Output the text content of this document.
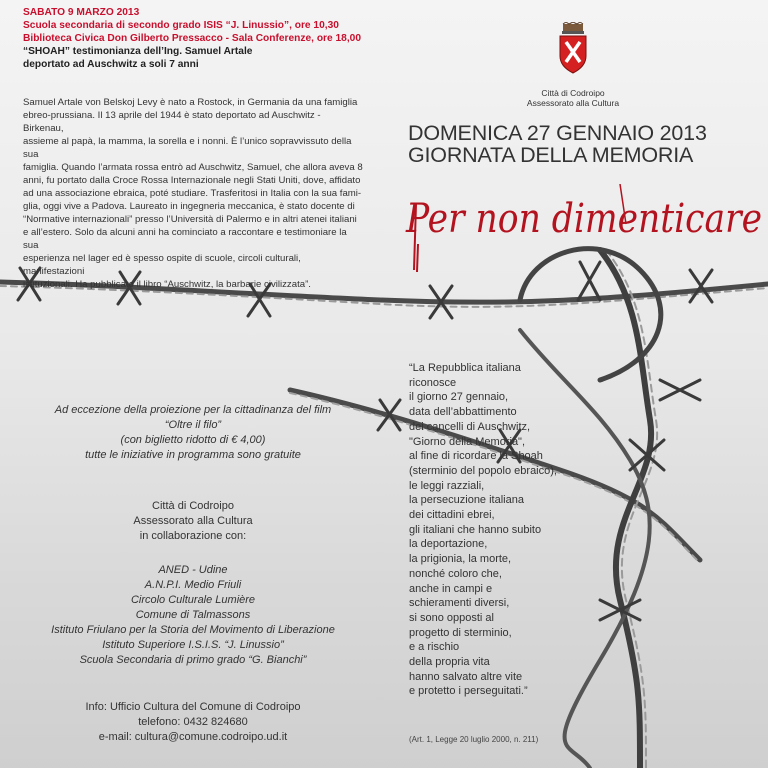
SABATO 9 MARZO 2013
Scuola secondaria di secondo grado ISIS “J. Linussio”, ore 10,30
Biblioteca Civica Don Gilberto Pressacco - Sala Conferenze, ore 18,00
“SHOAH” testimonianza dell’Ing. Samuel Artale
deportato ad Auschwitz a soli 7 anni
Samuel Artale von Belskoj Levy è nato a Rostock, in Germania da una famiglia
ebreo-prussiana. Il 13 aprile del 1944 è stato deportato ad Auschwitz - Birkenau,
assieme al papà, la mamma, la sorella e i nonni. È l’unico sopravvissuto della sua
famiglia. Quando l’armata rossa entrò ad Auschwitz, Samuel, che allora aveva 8
anni, fu portato dalla Croce Rossa Internazionale negli Stati Uniti, dove, affidato
ad una associazione ebraica, poté studiare. Trasferitosi in Italia con la sua fami-
glia, oggi vive a Padova. Laureato in ingegneria meccanica, è stato docente di
“Normative internazionali” presso l’Università di Palermo e in altri atenei italiani
e all’estero. Solo da alcuni anni ha cominciato a raccontare e testimoniare la sua
esperienza nel lager ed è spesso ospite di scuole, circoli culturali, manifestazioni
istituzionali. Ha pubblicato il libro “Auschwitz, la barbarie civilizzata”.
Ad eccezione della proiezione per la cittadinanza del film
“Oltre il filo”
(con biglietto ridotto di € 4,00)
tutte le iniziative in programma sono gratuite
Città di Codroipo
Assessorato alla Cultura
in collaborazione con:
ANED - Udine
A.N.P.I. Medio Friuli
Circolo Culturale Lumière
Comune di Talmassons
Istituto Friulano per la Storia del Movimento di Liberazione
Istituto Superiore I.S.I.S. “J. Linussio”
Scuola Secondaria di primo grado “G. Bianchi”
Info: Ufficio Cultura del Comune di Codroipo
telefono: 0432 824680
e-mail: cultura@comune.codroipo.ud.it
Città di Codroipo
Assessorato alla Cultura
DOMENICA 27 GENNAIO 2013
GIORNATA DELLA MEMORIA
Per non dimenticare
“La Repubblica italiana
riconosce
il giorno 27 gennaio,
data dell’abbattimento
dei cancelli di Auschwitz,
"Giorno della Memoria",
al fine di ricordare la Shoah
(sterminio del popolo ebraico),
le leggi razziali,
la persecuzione italiana
dei cittadini ebrei,
gli italiani che hanno subito
la deportazione,
la prigionia, la morte,
nonché coloro che,
anche in campi e
schieramenti diversi,
si sono opposti al
progetto di sterminio,
e a rischio
della propria vita
hanno salvato altre vite
e protetto i perseguitati.”
(Art. 1, Legge 20 luglio 2000, n. 211)
